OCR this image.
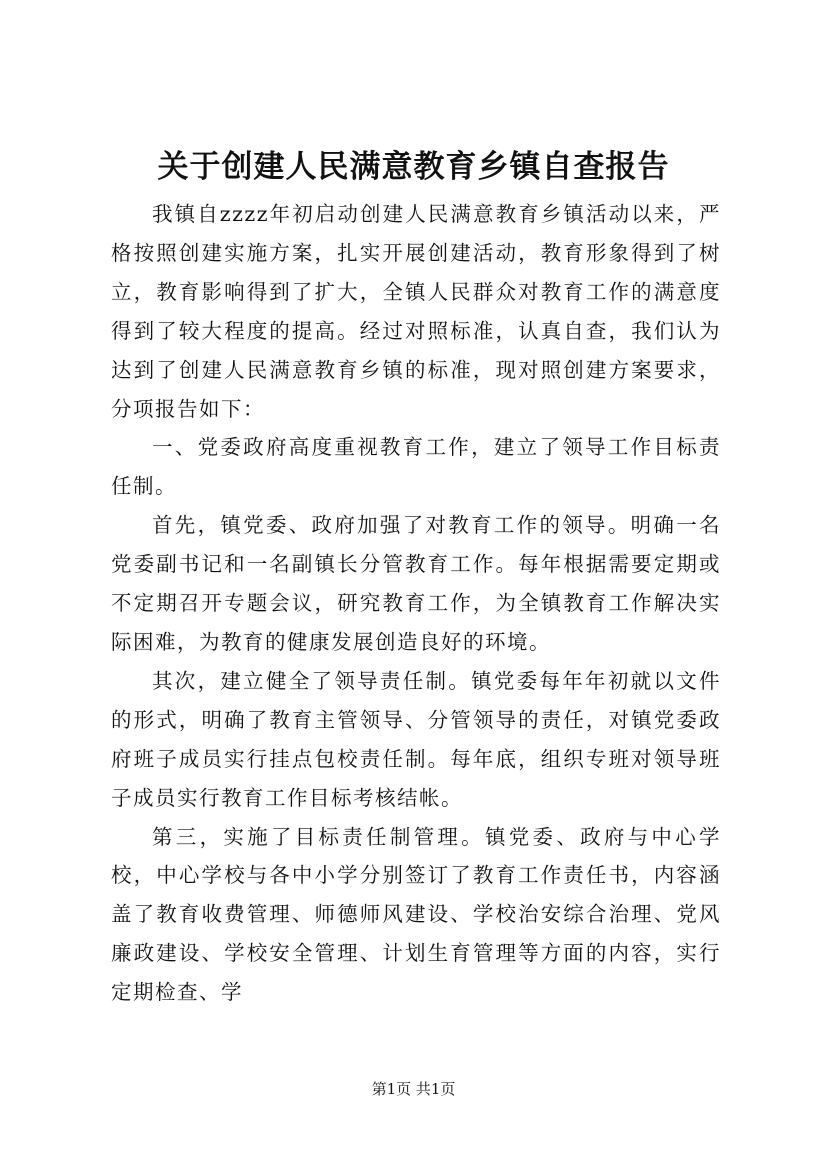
关于创建人民满意教育乡镇自查报告

我镇自zzzz年初启动创建人民满意教育乡镇活动以来，严格按照创建实施方案，扎实开展创建活动，教育形象得到了树立，教育影响得到了扩大，全镇人民群众对教育工作的满意度得到了较大程度的提高。经过对照标准，认真自查，我们认为达到了创建人民满意教育乡镇的标准，现对照创建方案要求，分项报告如下：

一、党委政府高度重视教育工作，建立了领导工作目标责任制。

首先，镇党委、政府加强了对教育工作的领导。明确一名党委副书记和一名副镇长分管教育工作。每年根据需要定期或不定期召开专题会议，研究教育工作，为全镇教育工作解决实际困难，为教育的健康发展创造良好的环境。

其次，建立健全了领导责任制。镇党委每年年初就以文件的形式，明确了教育主管领导、分管领导的责任，对镇党委政府班子成员实行挂点包校责任制。每年底，组织专班对领导班子成员实行教育工作目标考核结帐。

第三，实施了目标责任制管理。镇党委、政府与中心学校，中心学校与各中小学分别签订了教育工作责任书，内容涵盖了教育收费管理、师德师风建设、学校治安综合治理、党风廉政建设、学校安全管理、计划生育管理等方面的内容，实行定期检查、学

第1页 共1页
